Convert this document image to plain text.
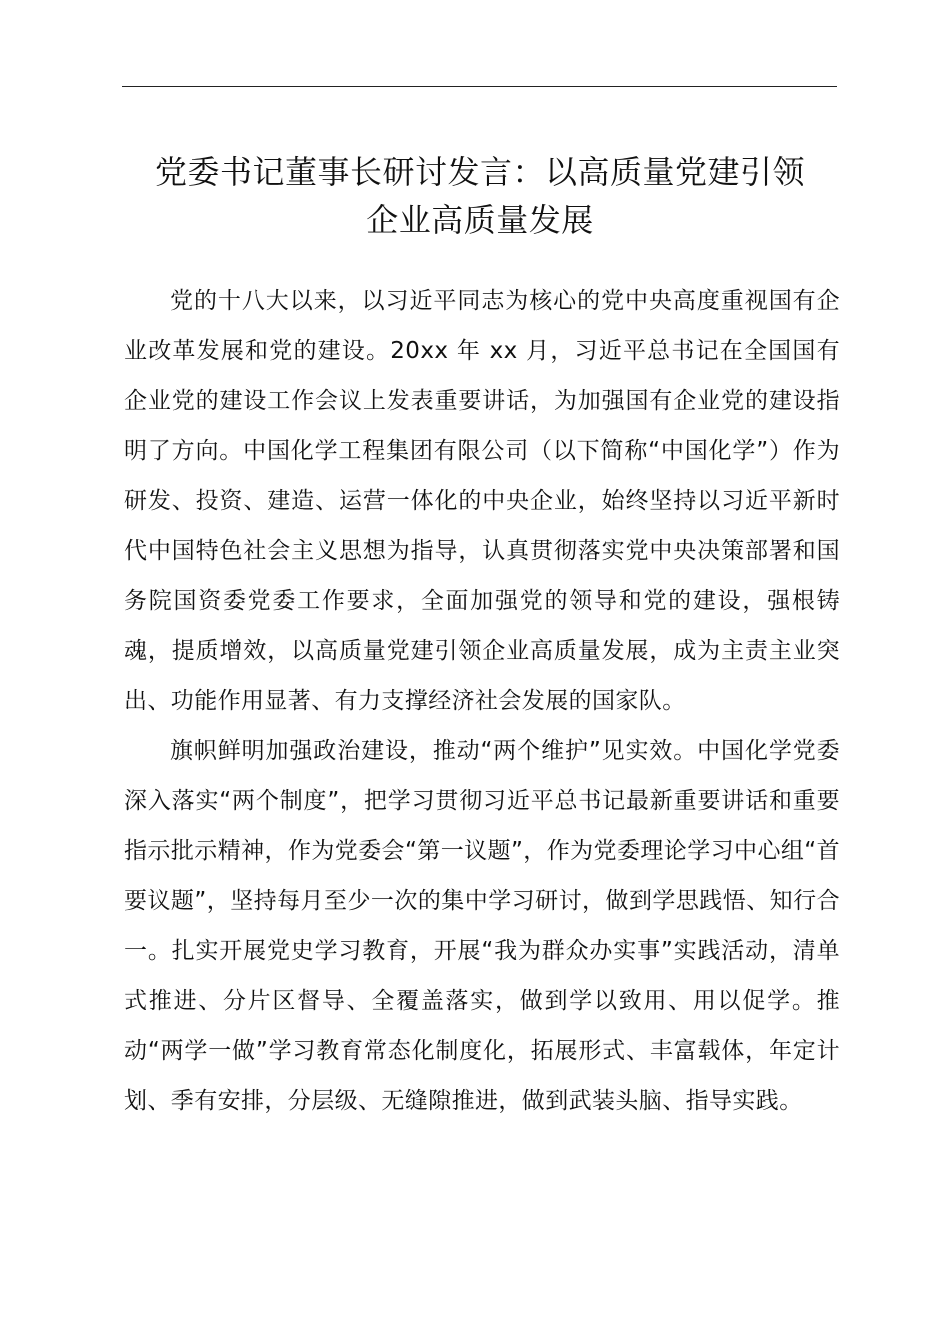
党委书记董事长研讨发言：以高质量党建引领
企业高质量发展

党的十八大以来，以习近平同志为核心的党中央高度重视国有企业改革发展和党的建设。20xx 年 xx 月，习近平总书记在全国国有企业党的建设工作会议上发表重要讲话，为加强国有企业党的建设指明了方向。中国化学工程集团有限公司（以下简称“中国化学”）作为研发、投资、建造、运营一体化的中央企业，始终坚持以习近平新时代中国特色社会主义思想为指导，认真贯彻落实党中央决策部署和国务院国资委党委工作要求，全面加强党的领导和党的建设，强根铸魂，提质增效，以高质量党建引领企业高质量发展，成为主责主业突出、功能作用显著、有力支撑经济社会发展的国家队。

旗帜鲜明加强政治建设，推动“两个维护”见实效。中国化学党委深入落实“两个制度”，把学习贯彻习近平总书记最新重要讲话和重要指示批示精神，作为党委会“第一议题”，作为党委理论学习中心组“首要议题”，坚持每月至少一次的集中学习研讨，做到学思践悟、知行合一。扎实开展党史学习教育，开展“我为群众办实事”实践活动，清单式推进、分片区督导、全覆盖落实，做到学以致用、用以促学。推动“两学一做”学习教育常态化制度化，拓展形式、丰富载体，年定计划、季有安排，分层级、无缝隙推进，做到武装头脑、指导实践。
